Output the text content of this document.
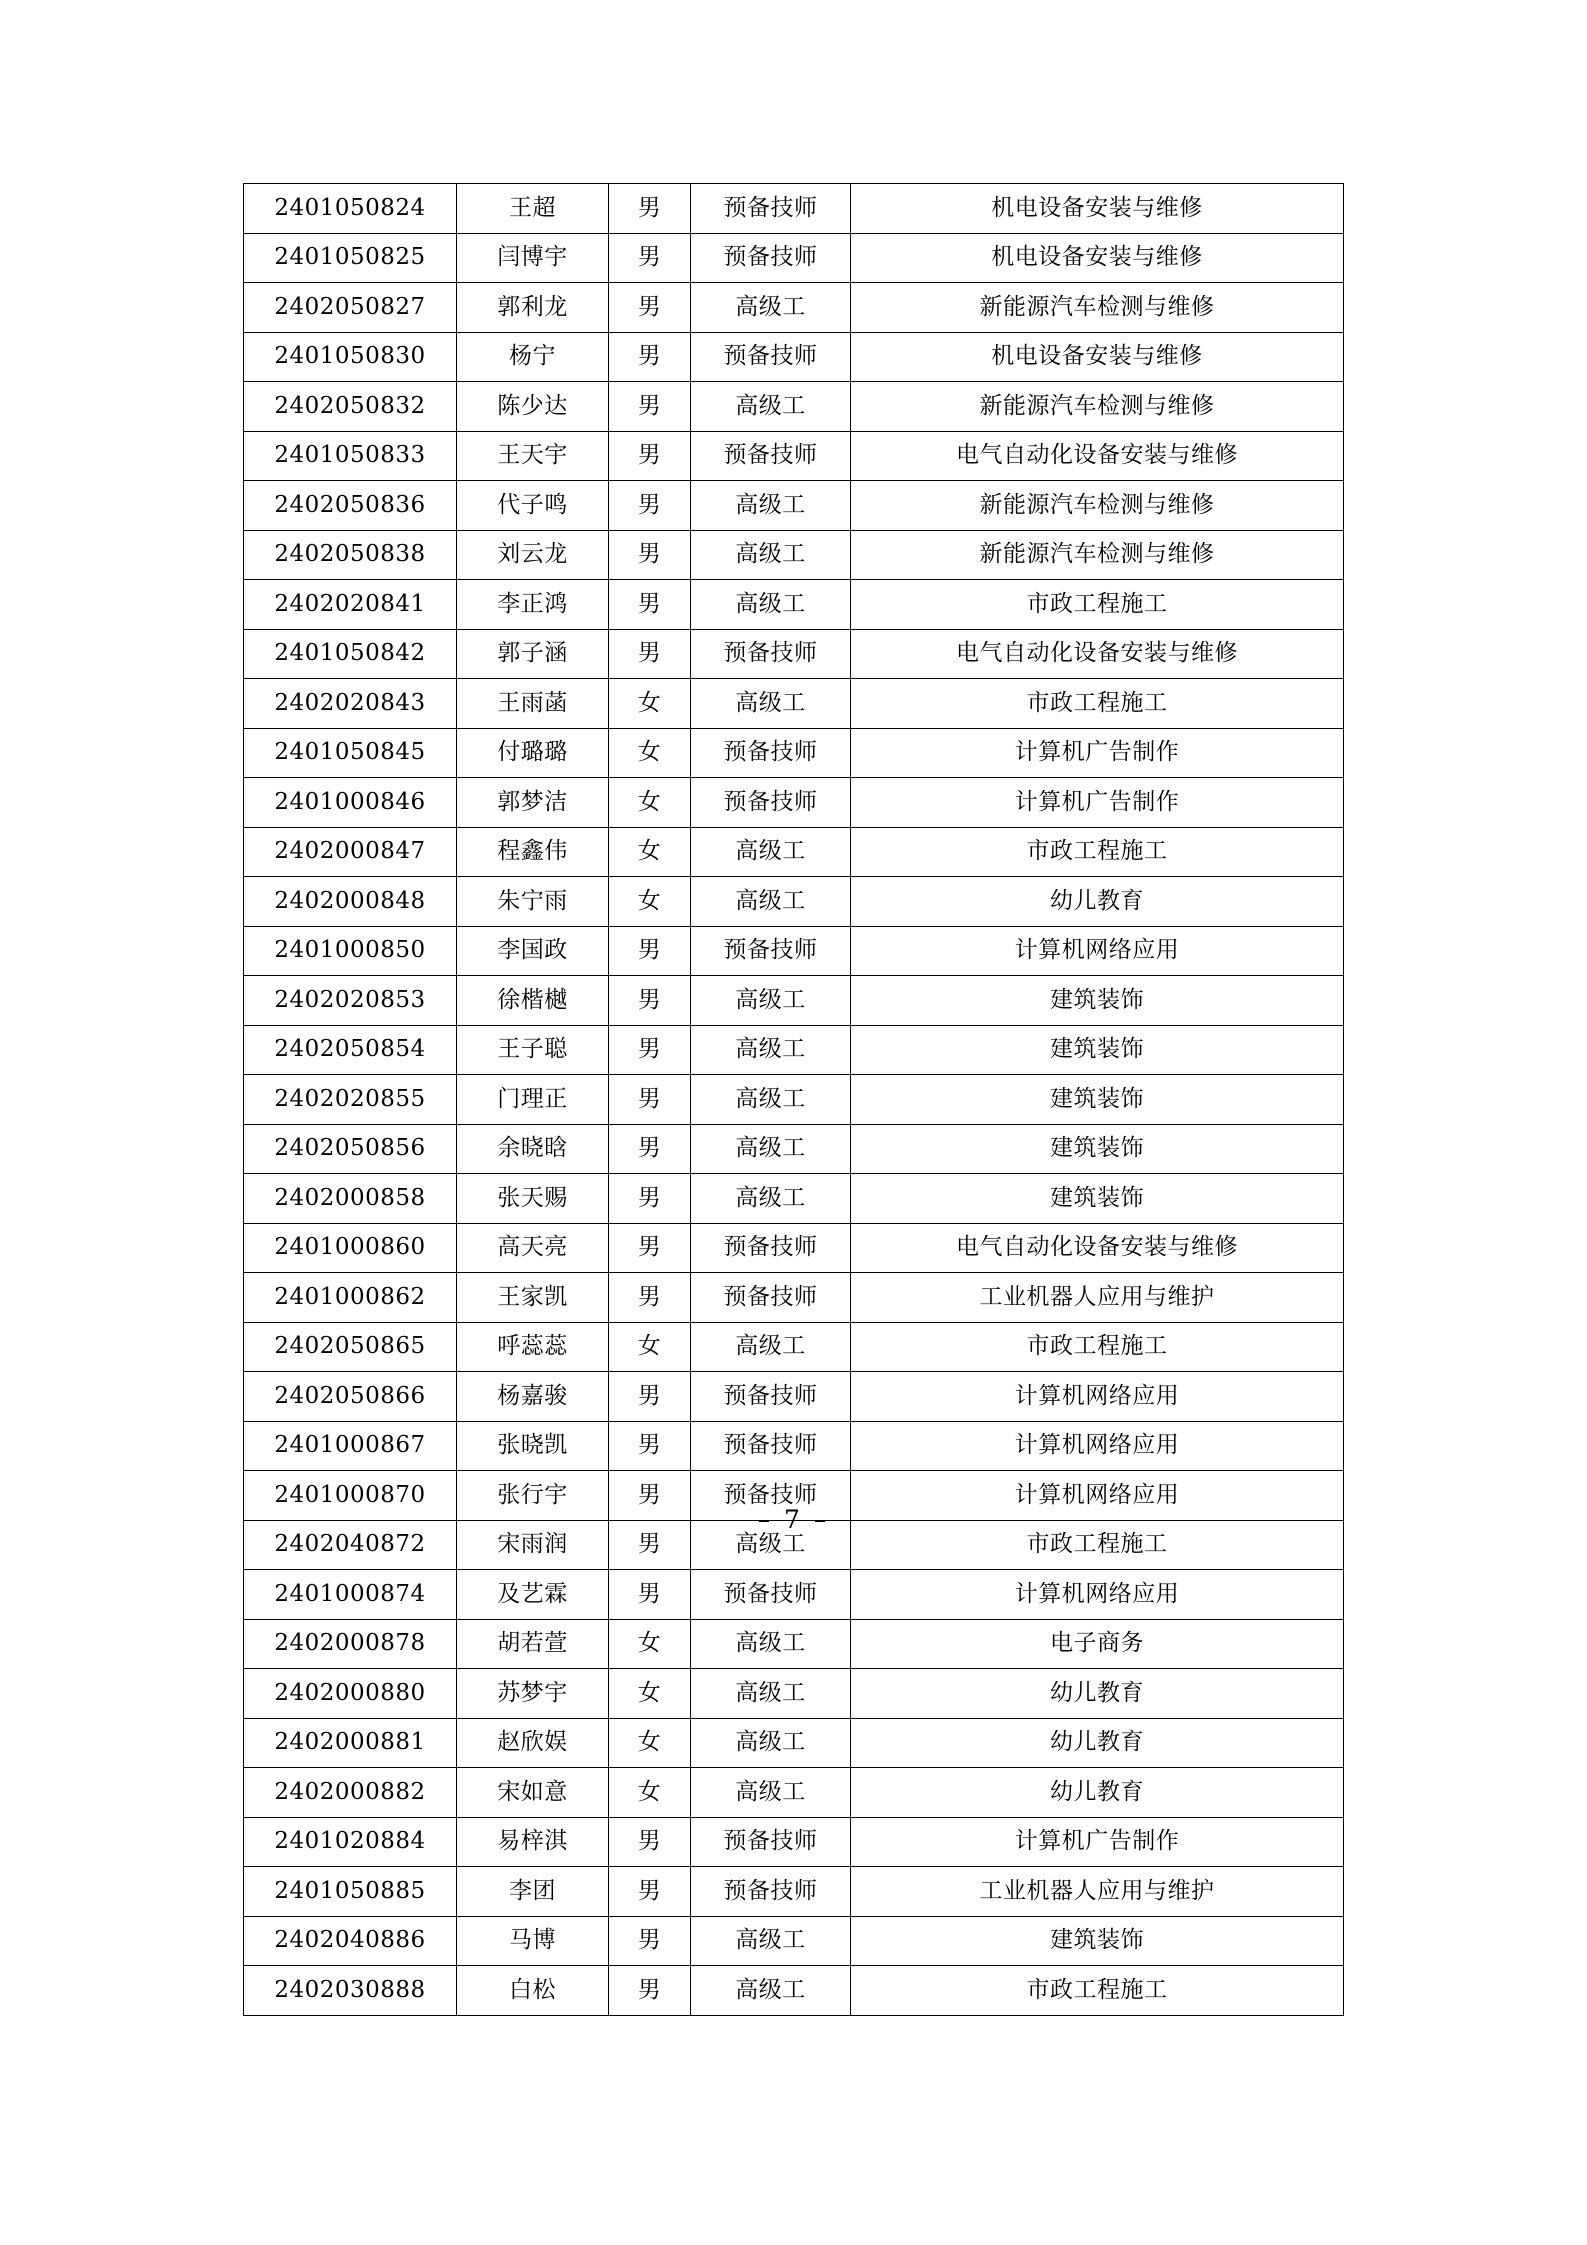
2401050824	王超	男	预备技师	机电设备安装与维修
2401050825	闫博宇	男	预备技师	机电设备安装与维修
2402050827	郭利龙	男	高级工	新能源汽车检测与维修
2401050830	杨宁	男	预备技师	机电设备安装与维修
2402050832	陈少达	男	高级工	新能源汽车检测与维修
2401050833	王天宇	男	预备技师	电气自动化设备安装与维修
2402050836	代子鸣	男	高级工	新能源汽车检测与维修
2402050838	刘云龙	男	高级工	新能源汽车检测与维修
2402020841	李正鸿	男	高级工	市政工程施工
2401050842	郭子涵	男	预备技师	电气自动化设备安装与维修
2402020843	王雨菡	女	高级工	市政工程施工
2401050845	付璐璐	女	预备技师	计算机广告制作
2401000846	郭梦洁	女	预备技师	计算机广告制作
2402000847	程鑫伟	女	高级工	市政工程施工
2402000848	朱宁雨	女	高级工	幼儿教育
2401000850	李国政	男	预备技师	计算机网络应用
2402020853	徐楷樾	男	高级工	建筑装饰
2402050854	王子聪	男	高级工	建筑装饰
2402020855	门理正	男	高级工	建筑装饰
2402050856	余晓晗	男	高级工	建筑装饰
2402000858	张天赐	男	高级工	建筑装饰
2401000860	高天亮	男	预备技师	电气自动化设备安装与维修
2401000862	王家凯	男	预备技师	工业机器人应用与维护
2402050865	呼蕊蕊	女	高级工	市政工程施工
2402050866	杨嘉骏	男	预备技师	计算机网络应用
2401000867	张晓凯	男	预备技师	计算机网络应用
2401000870	张行宇	男	预备技师	计算机网络应用
2402040872	宋雨润	男	高级工	市政工程施工
2401000874	及艺霖	男	预备技师	计算机网络应用
2402000878	胡若萱	女	高级工	电子商务
2402000880	苏梦宇	女	高级工	幼儿教育
2402000881	赵欣娱	女	高级工	幼儿教育
2402000882	宋如意	女	高级工	幼儿教育
2401020884	易梓淇	男	预备技师	计算机广告制作
2401050885	李团	男	预备技师	工业机器人应用与维护
2402040886	马博	男	高级工	建筑装饰
2402030888	白松	男	高级工	市政工程施工
– 7 –
